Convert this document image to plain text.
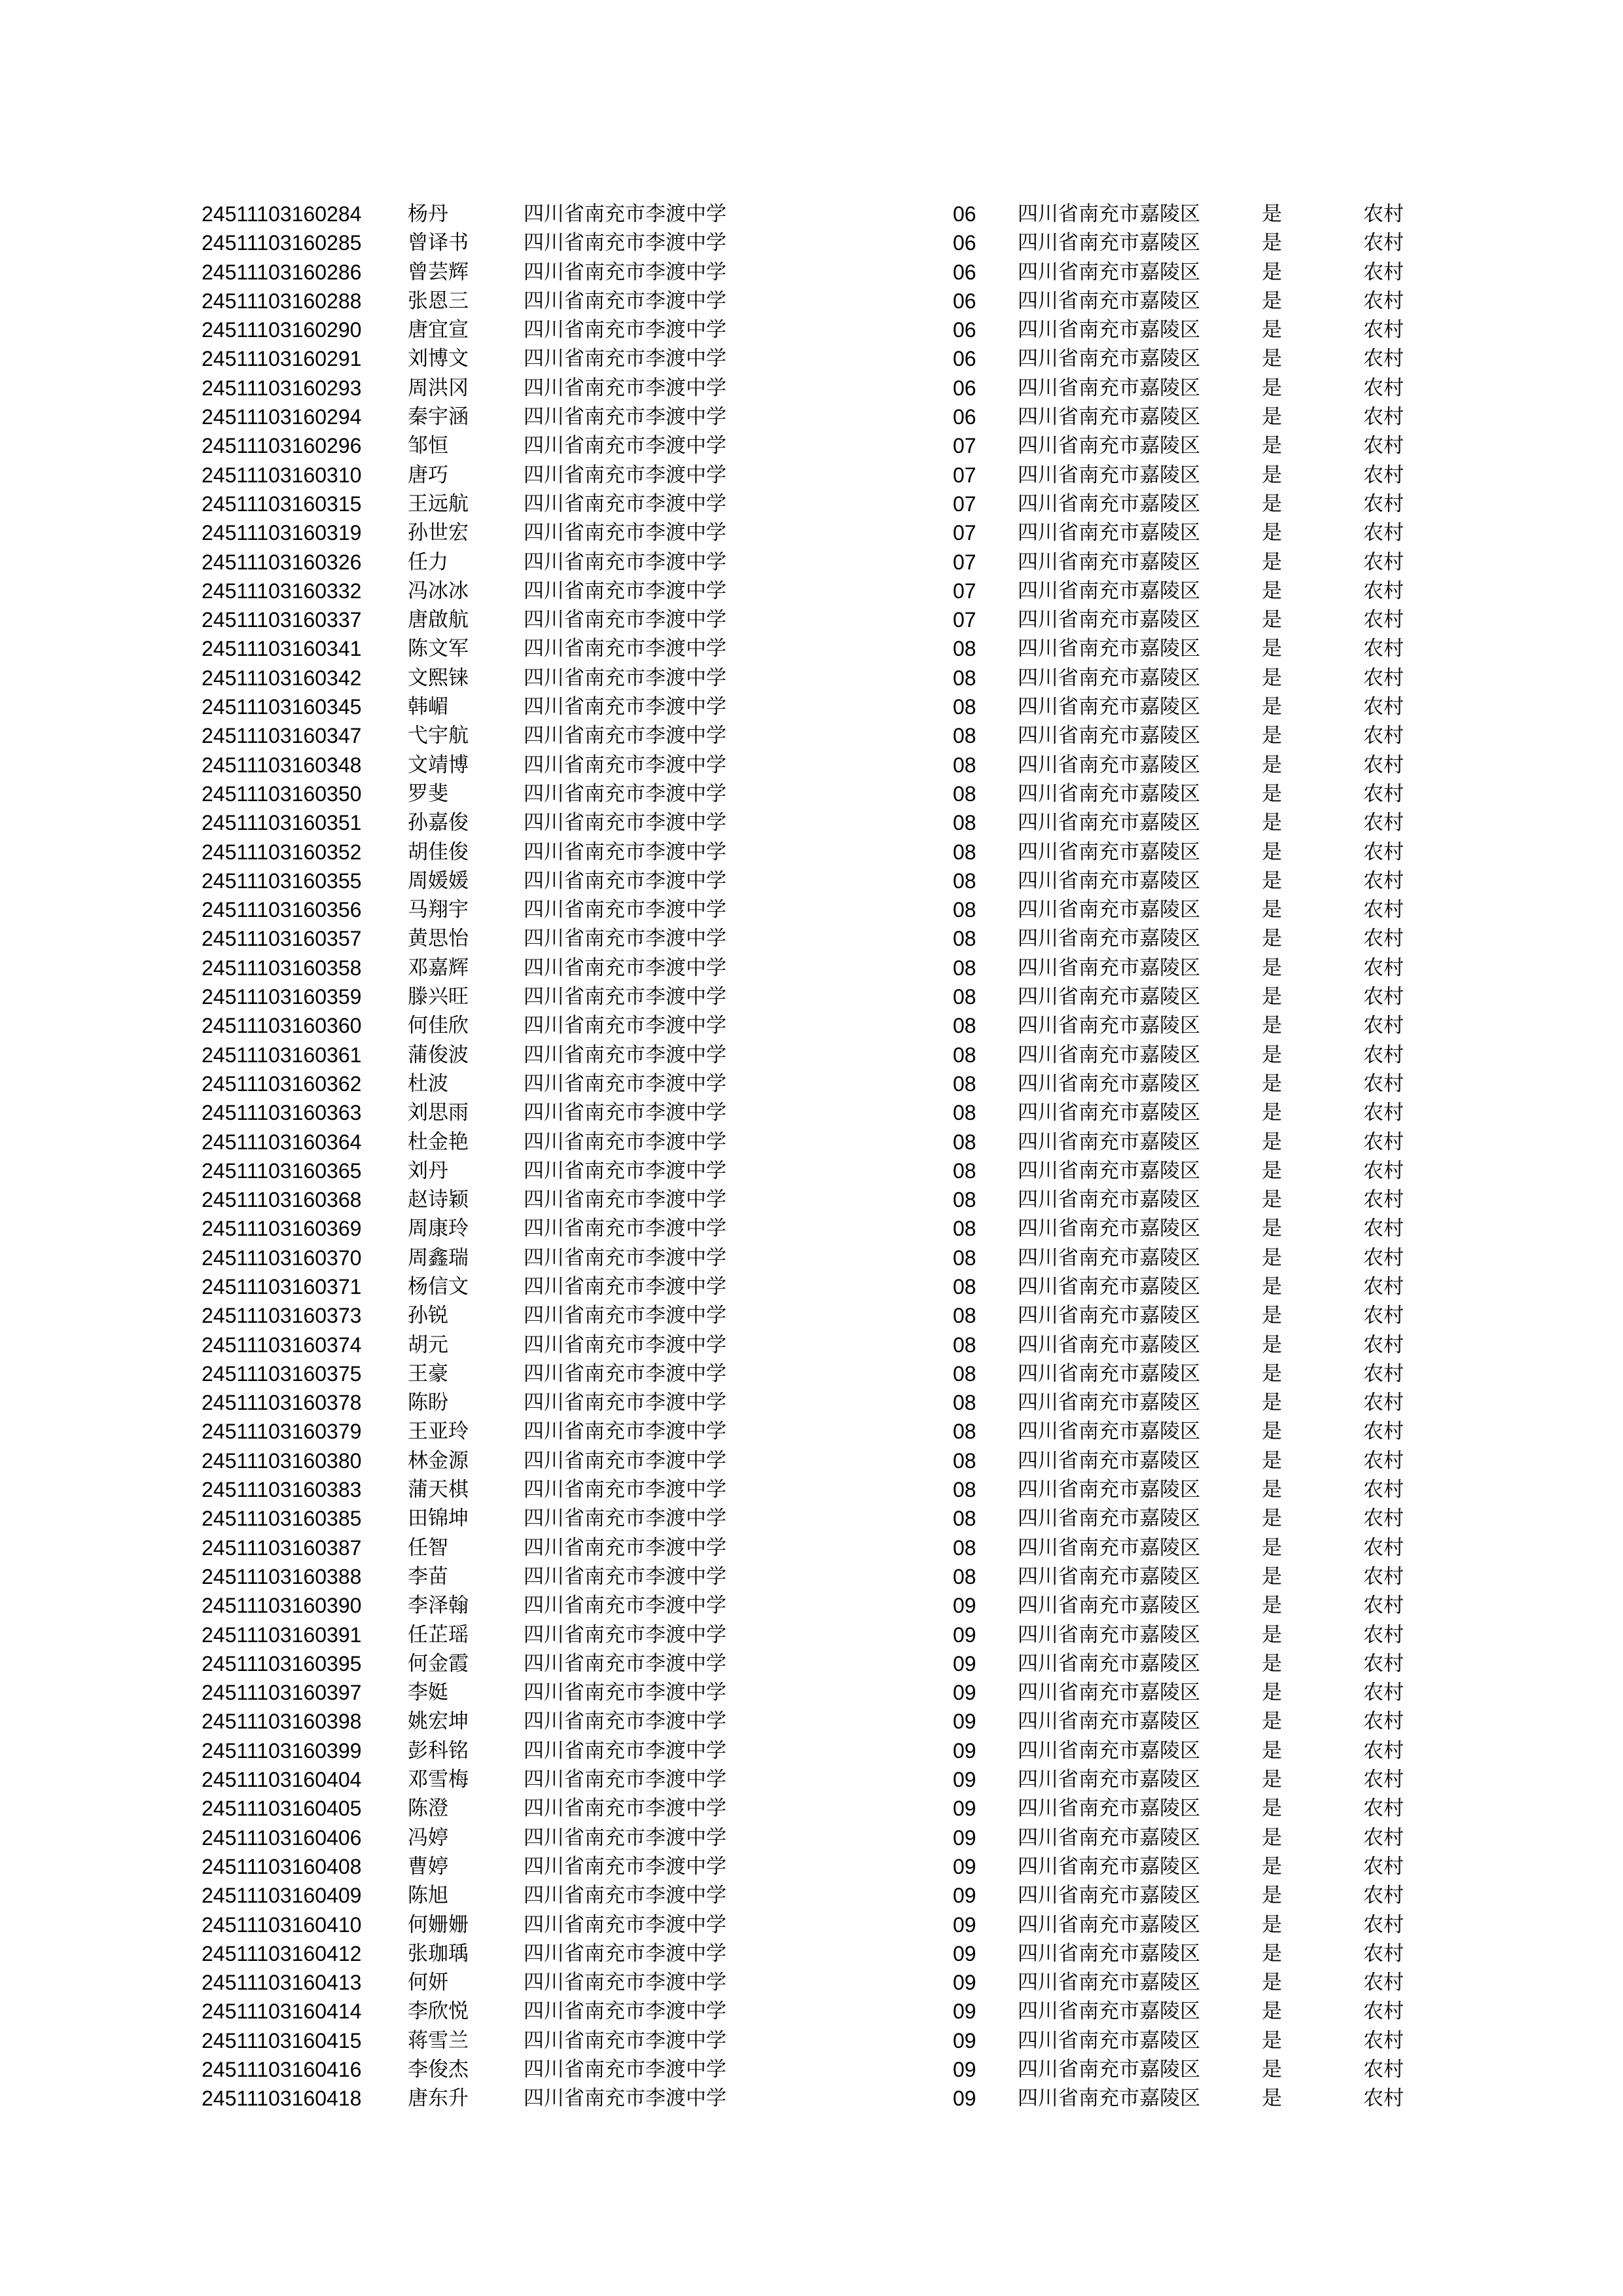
24511103160284 杨丹	四川省南充市李渡中学	06 四川省南充市嘉陵区	是	农村
24511103160285 曾译书	四川省南充市李渡中学	06 四川省南充市嘉陵区	是	农村
24511103160286 曾芸辉	四川省南充市李渡中学	06 四川省南充市嘉陵区	是	农村
24511103160288 张恩三	四川省南充市李渡中学	06 四川省南充市嘉陵区	是	农村
24511103160290 唐宜宣	四川省南充市李渡中学	06 四川省南充市嘉陵区	是	农村
24511103160291 刘博文	四川省南充市李渡中学	06 四川省南充市嘉陵区	是	农村
24511103160293 周洪冈	四川省南充市李渡中学	06 四川省南充市嘉陵区	是	农村
24511103160294 秦宇涵	四川省南充市李渡中学	06 四川省南充市嘉陵区	是	农村
24511103160296 邹恒	四川省南充市李渡中学	07 四川省南充市嘉陵区	是	农村
24511103160310 唐巧	四川省南充市李渡中学	07 四川省南充市嘉陵区	是	农村
24511103160315 王远航	四川省南充市李渡中学	07 四川省南充市嘉陵区	是	农村
24511103160319 孙世宏	四川省南充市李渡中学	07 四川省南充市嘉陵区	是	农村
24511103160326 任力	四川省南充市李渡中学	07 四川省南充市嘉陵区	是	农村
24511103160332 冯冰冰	四川省南充市李渡中学	07 四川省南充市嘉陵区	是	农村
24511103160337 唐啟航	四川省南充市李渡中学	07 四川省南充市嘉陵区	是	农村
24511103160341 陈文军	四川省南充市李渡中学	08 四川省南充市嘉陵区	是	农村
24511103160342 文熙铼	四川省南充市李渡中学	08 四川省南充市嘉陵区	是	农村
24511103160345 韩嵋	四川省南充市李渡中学	08 四川省南充市嘉陵区	是	农村
24511103160347 弋宇航	四川省南充市李渡中学	08 四川省南充市嘉陵区	是	农村
24511103160348 文靖博	四川省南充市李渡中学	08 四川省南充市嘉陵区	是	农村
24511103160350 罗斐	四川省南充市李渡中学	08 四川省南充市嘉陵区	是	农村
24511103160351 孙嘉俊	四川省南充市李渡中学	08 四川省南充市嘉陵区	是	农村
24511103160352 胡佳俊	四川省南充市李渡中学	08 四川省南充市嘉陵区	是	农村
24511103160355 周媛媛	四川省南充市李渡中学	08 四川省南充市嘉陵区	是	农村
24511103160356 马翔宇	四川省南充市李渡中学	08 四川省南充市嘉陵区	是	农村
24511103160357 黄思怡	四川省南充市李渡中学	08 四川省南充市嘉陵区	是	农村
24511103160358 邓嘉辉	四川省南充市李渡中学	08 四川省南充市嘉陵区	是	农村
24511103160359 滕兴旺	四川省南充市李渡中学	08 四川省南充市嘉陵区	是	农村
24511103160360 何佳欣	四川省南充市李渡中学	08 四川省南充市嘉陵区	是	农村
24511103160361 蒲俊波	四川省南充市李渡中学	08 四川省南充市嘉陵区	是	农村
24511103160362 杜波	四川省南充市李渡中学	08 四川省南充市嘉陵区	是	农村
24511103160363 刘思雨	四川省南充市李渡中学	08 四川省南充市嘉陵区	是	农村
24511103160364 杜金艳	四川省南充市李渡中学	08 四川省南充市嘉陵区	是	农村
24511103160365 刘丹	四川省南充市李渡中学	08 四川省南充市嘉陵区	是	农村
24511103160368 赵诗颖	四川省南充市李渡中学	08 四川省南充市嘉陵区	是	农村
24511103160369 周康玲	四川省南充市李渡中学	08 四川省南充市嘉陵区	是	农村
24511103160370 周鑫瑞	四川省南充市李渡中学	08 四川省南充市嘉陵区	是	农村
24511103160371 杨信文	四川省南充市李渡中学	08 四川省南充市嘉陵区	是	农村
24511103160373 孙锐	四川省南充市李渡中学	08 四川省南充市嘉陵区	是	农村
24511103160374 胡元	四川省南充市李渡中学	08 四川省南充市嘉陵区	是	农村
24511103160375 王豪	四川省南充市李渡中学	08 四川省南充市嘉陵区	是	农村
24511103160378 陈盼	四川省南充市李渡中学	08 四川省南充市嘉陵区	是	农村
24511103160379 王亚玲	四川省南充市李渡中学	08 四川省南充市嘉陵区	是	农村
24511103160380 林金源	四川省南充市李渡中学	08 四川省南充市嘉陵区	是	农村
24511103160383 蒲天棋	四川省南充市李渡中学	08 四川省南充市嘉陵区	是	农村
24511103160385 田锦坤	四川省南充市李渡中学	08 四川省南充市嘉陵区	是	农村
24511103160387 任智	四川省南充市李渡中学	08 四川省南充市嘉陵区	是	农村
24511103160388 李苗	四川省南充市李渡中学	08 四川省南充市嘉陵区	是	农村
24511103160390 李泽翰	四川省南充市李渡中学	09 四川省南充市嘉陵区	是	农村
24511103160391 任芷瑶	四川省南充市李渡中学	09 四川省南充市嘉陵区	是	农村
24511103160395 何金霞	四川省南充市李渡中学	09 四川省南充市嘉陵区	是	农村
24511103160397 李娗	四川省南充市李渡中学	09 四川省南充市嘉陵区	是	农村
24511103160398 姚宏坤	四川省南充市李渡中学	09 四川省南充市嘉陵区	是	农村
24511103160399 彭科铭	四川省南充市李渡中学	09 四川省南充市嘉陵区	是	农村
24511103160404 邓雪梅	四川省南充市李渡中学	09 四川省南充市嘉陵区	是	农村
24511103160405 陈澄	四川省南充市李渡中学	09 四川省南充市嘉陵区	是	农村
24511103160406 冯婷	四川省南充市李渡中学	09 四川省南充市嘉陵区	是	农村
24511103160408 曹婷	四川省南充市李渡中学	09 四川省南充市嘉陵区	是	农村
24511103160409 陈旭	四川省南充市李渡中学	09 四川省南充市嘉陵区	是	农村
24511103160410 何姗姗	四川省南充市李渡中学	09 四川省南充市嘉陵区	是	农村
24511103160412 张珈瑀	四川省南充市李渡中学	09 四川省南充市嘉陵区	是	农村
24511103160413 何妍	四川省南充市李渡中学	09 四川省南充市嘉陵区	是	农村
24511103160414 李欣悦	四川省南充市李渡中学	09 四川省南充市嘉陵区	是	农村
24511103160415 蒋雪兰	四川省南充市李渡中学	09 四川省南充市嘉陵区	是	农村
24511103160416 李俊杰	四川省南充市李渡中学	09 四川省南充市嘉陵区	是	农村
24511103160418 唐东升	四川省南充市李渡中学	09 四川省南充市嘉陵区	是	农村
